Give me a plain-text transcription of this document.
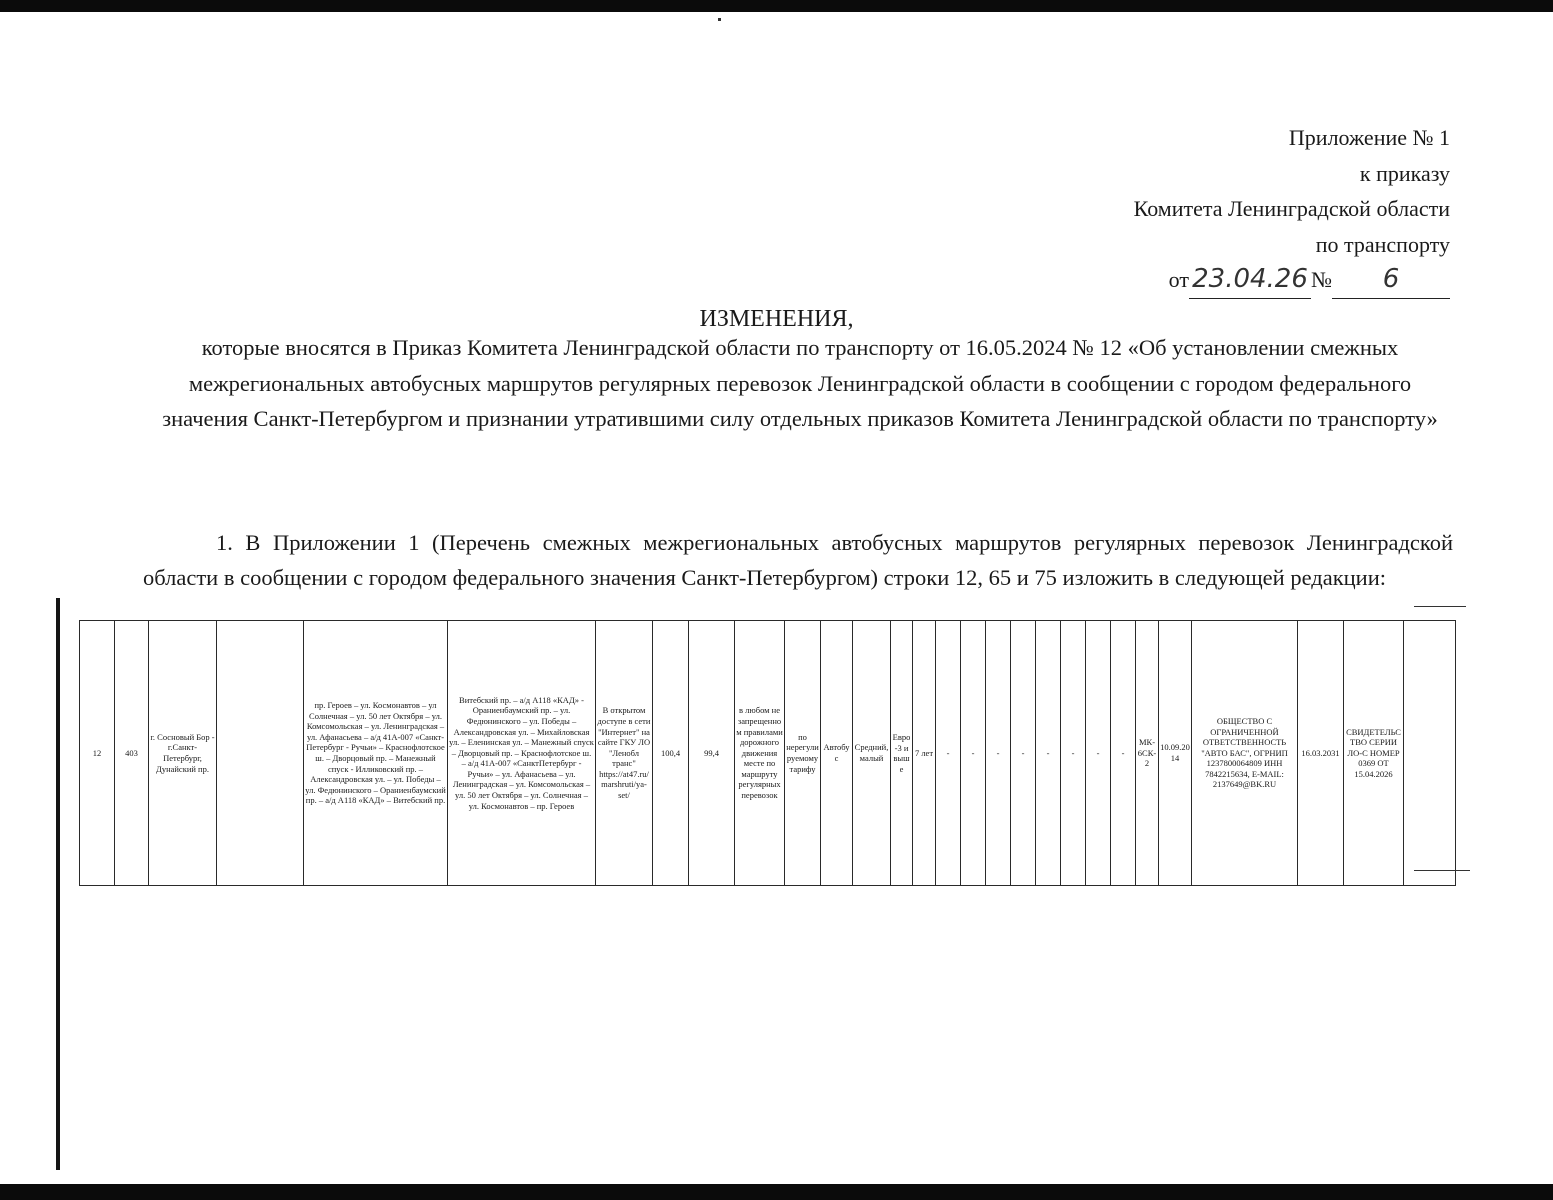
Приложение № 1
к приказу
Комитета Ленинградской области
по транспорту
от 23.04.26 № 6
ИЗМЕНЕНИЯ,
которые вносятся в Приказ Комитета Ленинградской области по транспорту от 16.05.2024 № 12 «Об установлении смежных межрегиональных автобусных маршрутов регулярных перевозок Ленинградской области в сообщении с городом федерального значения Санкт-Петербургом и признании утратившими силу отдельных приказов Комитета Ленинградской области по транспорту»
1. В Приложении 1 (Перечень смежных межрегиональных автобусных маршрутов регулярных перевозок Ленинградской области в сообщении с городом федерального значения Санкт-Петербургом) строки 12, 65 и 75 изложить в следующей редакции:
12	403	г. Сосновый Бор - г.Санкт-Петербург, Дунайский пр.		пр. Героев – ул. Космонавтов – ул Солнечная – ул. 50 лет Октября – ул. Комсомольская – ул. Ленинградская – ул. Афанасьева – а/д 41А-007 «Санкт-Петербург - Ручьи» – Краснофлотское ш. – Дворцовый пр. – Манежный спуск - Илликовский пр. – Александровская ул. – ул. Победы – ул. Федюнинского – Ораниенбаумский пр. – а/д А118 «КАД» – Витебский пр.	Витебский пр. – а/д А118 «КАД» - Ораниенбаумский пр. – ул. Федюнинского – ул. Победы – Александровская ул. – Михайловская ул. – Еленинская ул. – Манежный спуск – Дворцовый пр. – Краснофлотское ш. – а/д 41А-007 «СанктПетербург - Ручьи» – ул. Афанасьева – ул. Ленинградская – ул. Комсомольская – ул. 50 лет Октября – ул. Солнечная – ул. Космонавтов – пр. Героев	В открытом доступе в сети "Интернет" на сайте ГКУ ЛО "Ленобл транс" https://at47.ru/marshruti/ya-set/	100,4	99,4	в любом не запрещенном правилами дорожного движения месте по маршруту регулярных перевозок	по нерегулируемому тарифу	Автобус	Средний, малый	Евро-3 и выше	7 лет	-	-	-	-	-	-	-	-	МК-6СК-2	10.09.2014	ОБЩЕСТВО С ОГРАНИЧЕННОЙ ОТВЕТСТВЕННОСТЬ "АВТО БАС", ОГРНИП 1237800064809 ИНН 7842215634, E-MAIL: 2137649@BK.RU	16.03.2031	СВИДЕТЕЛЬСТВО СЕРИИ ЛО-С НОМЕР 0369 ОТ 15.04.2026	
